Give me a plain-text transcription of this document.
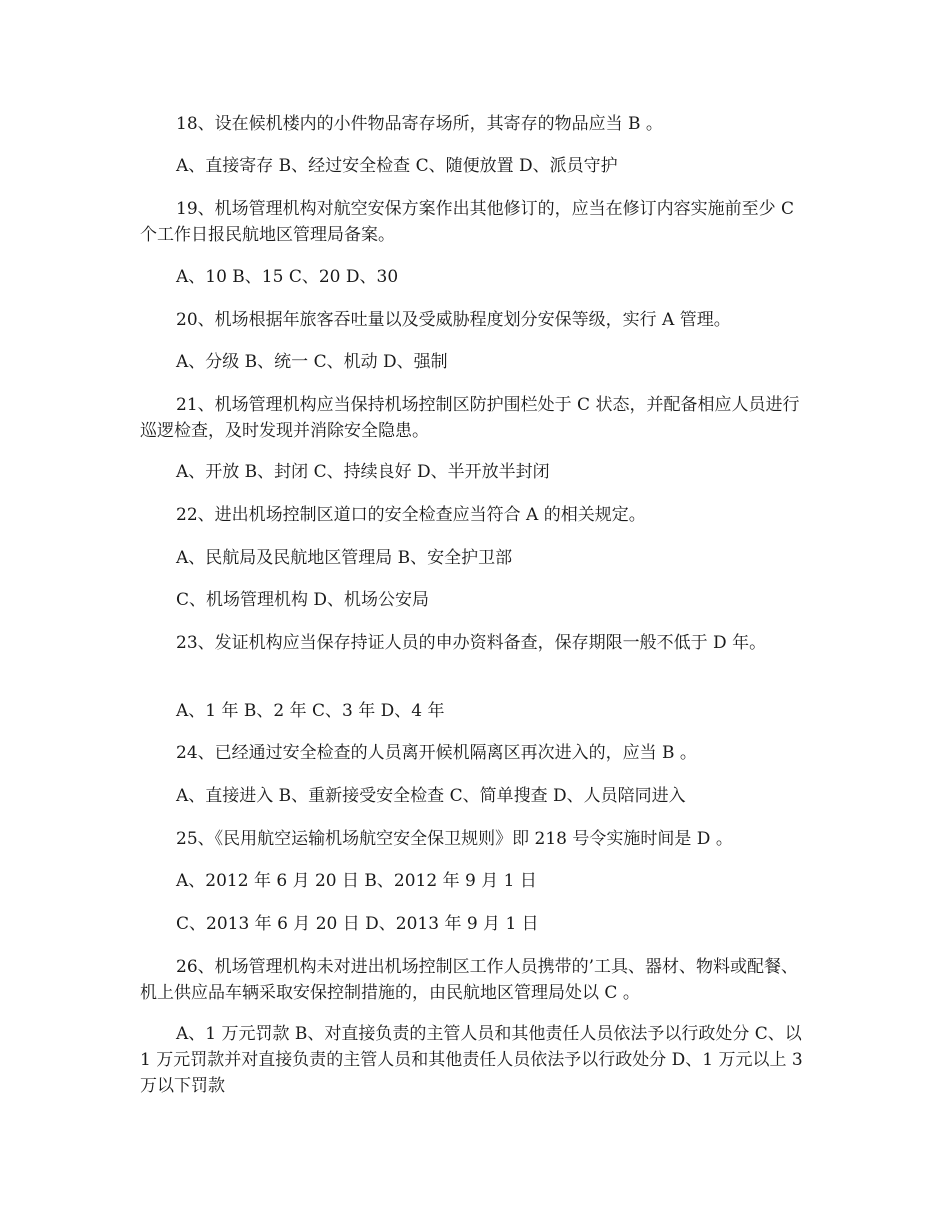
18、设在候机楼内的小件物品寄存场所，其寄存的物品应当 B 。

A、直接寄存 B、经过安全检查 C、随便放置 D、派员守护

19、机场管理机构对航空安保方案作出其他修订的，应当在修订内容实施前至少 C 个工作日报民航地区管理局备案。

A、10 B、15 C、20 D、30

20、机场根据年旅客吞吐量以及受威胁程度划分安保等级，实行 A 管理。

A、分级 B、统一 C、机动 D、强制

21、机场管理机构应当保持机场控制区防护围栏处于 C 状态，并配备相应人员进行巡逻检查，及时发现并消除安全隐患。

A、开放 B、封闭 C、持续良好 D、半开放半封闭

22、进出机场控制区道口的安全检查应当符合 A 的相关规定。

A、民航局及民航地区管理局 B、安全护卫部

C、机场管理机构 D、机场公安局

23、发证机构应当保存持证人员的申办资料备查，保存期限一般不低于 D 年。

A、1 年 B、2 年 C、3 年 D、4 年

24、已经通过安全检查的人员离开候机隔离区再次进入的，应当 B 。

A、直接进入 B、重新接受安全检查 C、简单搜查 D、人员陪同进入

25、《民用航空运输机场航空安全保卫规则》即 218 号令实施时间是 D 。

A、2012 年 6 月 20 日 B、2012 年 9 月 1 日

C、2013 年 6 月 20 日 D、2013 年 9 月 1 日

26、机场管理机构未对进出机场控制区工作人员携带的’工具、器材、物料或配餐、机上供应品车辆采取安保控制措施的，由民航地区管理局处以 C 。

A、1 万元罚款 B、对直接负责的主管人员和其他责任人员依法予以行政处分 C、以 1 万元罚款并对直接负责的主管人员和其他责任人员依法予以行政处分 D、1 万元以上 3 万以下罚款
